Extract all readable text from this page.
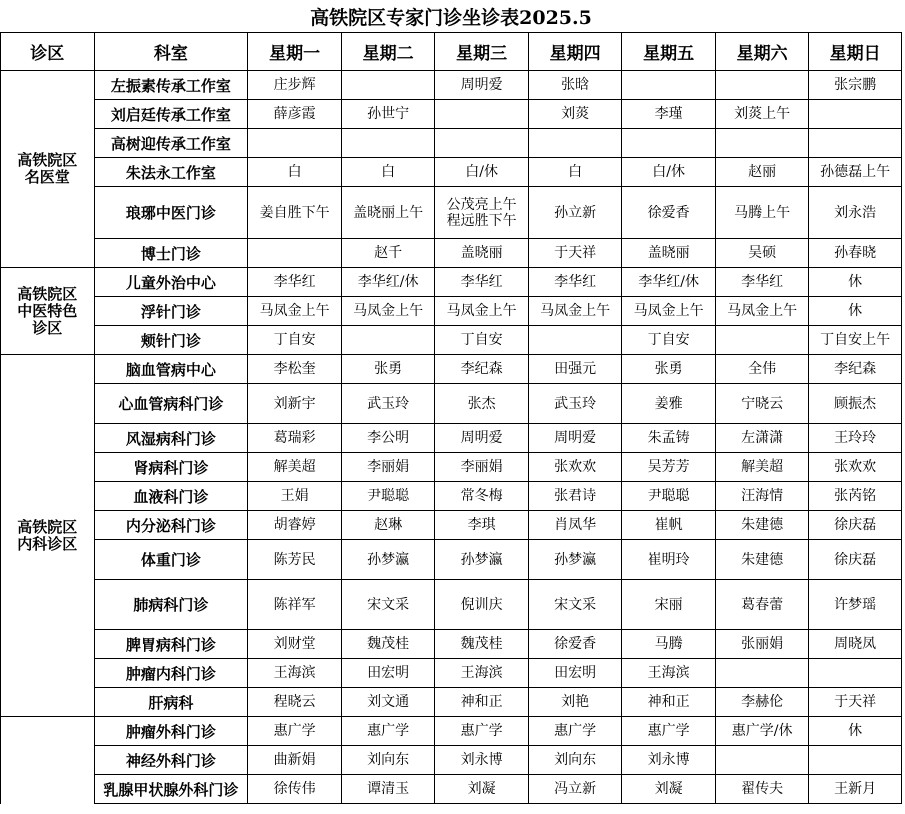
高铁院区专家门诊坐诊表2025.5								
诊区	科室	星期一	星期二	星期三	星期四	星期五	星期六	星期日

高铁院区名医堂	左振素传承工作室	庄步辉		周明爱	张晗			张宗鹏
	刘启廷传承工作室	薛彦霞	孙世宁		刘菼	李瑾	刘菼上午	
	高树迎传承工作室							
	朱法永工作室	白	白	白/休	白	白/休	赵丽	孙德磊上午
	琅琊中医门诊	姜自胜下午	盖晓丽上午	公茂亮上午
程远胜下午	孙立新	徐爱香	马腾上午	刘永浩
	博士门诊		赵千	盖晓丽	于天祥	盖晓丽	吴硕	孙春晓

高铁院区中医特色诊区	儿童外治中心	李华红	李华红/休	李华红	李华红	李华红/休	李华红	休
	浮针门诊	马凤金上午	马凤金上午	马凤金上午	马凤金上午	马凤金上午	马凤金上午	休
	颊针门诊	丁自安		丁自安		丁自安		丁自安上午

高铁院区内科诊区	脑血管病中心	李松奎	张勇	李纪森	田强元	张勇	全伟	李纪森
	心血管病科门诊	刘新宇	武玉玲	张杰	武玉玲	姜雅	宁晓云	顾振杰
	风湿病科门诊	葛瑞彩	李公明	周明爱	周明爱	朱孟铸	左潇潇	王玲玲
	肾病科门诊	解美超	李丽娟	李丽娟	张欢欢	吴芳芳	解美超	张欢欢
	血液科门诊	王娟	尹聪聪	常冬梅	张君诗	尹聪聪	汪海情	张芮铭
	内分泌科门诊	胡睿婷	赵琳	李琪	肖凤华	崔帆	朱建德	徐庆磊
	体重门诊	陈芳民	孙梦瀛	孙梦瀛	孙梦瀛	崔明玲	朱建德	徐庆磊
	肺病科门诊	陈祥军	宋文采	倪训庆	宋文采	宋丽	葛春蕾	许梦瑶
	脾胃病科门诊	刘财堂	魏茂桂	魏茂桂	徐爱香	马腾	张丽娟	周晓凤
	肿瘤内科门诊	王海滨	田宏明	王海滨	田宏明	王海滨		
	肝病科	程晓云	刘文通	神和正	刘艳	神和正	李赫伦	于天祥

	肿瘤外科门诊	惠广学	惠广学	惠广学	惠广学	惠广学	惠广学/休	休
	神经外科门诊	曲新娟	刘向东	刘永博	刘向东	刘永博		
	乳腺甲状腺外科门诊	徐传伟	谭清玉	刘凝	冯立新	刘凝	翟传夫	王新月
